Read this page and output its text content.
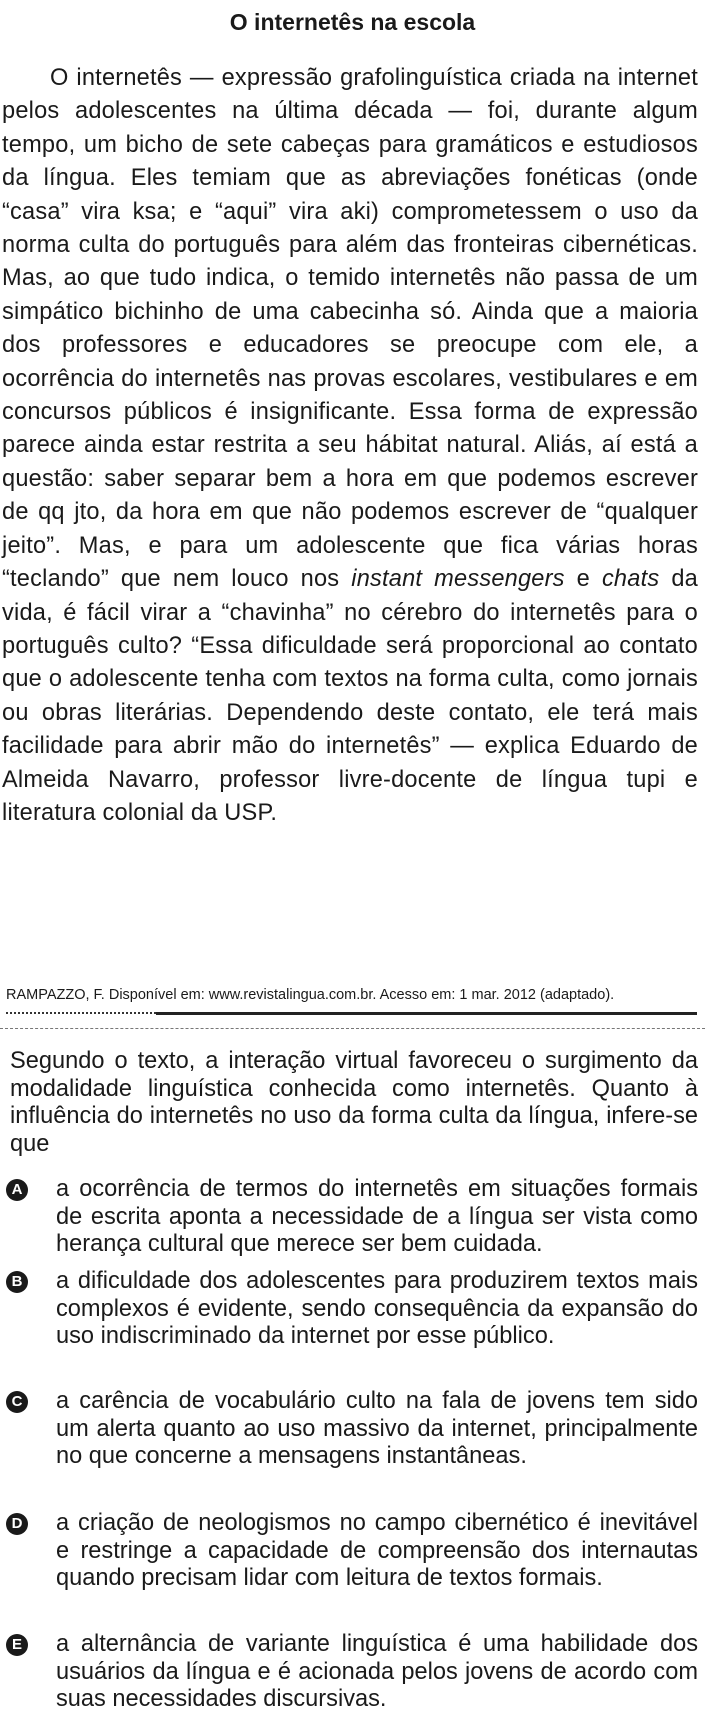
O internetês na escola

O internetês — expressão grafolinguística criada na internet pelos adolescentes na última década — foi, durante algum tempo, um bicho de sete cabeças para gramáticos e estudiosos da língua. Eles temiam que as abreviações fonéticas (onde “casa” vira ksa; e “aqui” vira aki) comprometessem o uso da norma culta do português para além das fronteiras cibernéticas. Mas, ao que tudo indica, o temido internetês não passa de um simpático bichinho de uma cabecinha só. Ainda que a maioria dos professores e educadores se preocupe com ele, a ocorrência do internetês nas provas escolares, vestibulares e em concursos públicos é insignificante. Essa forma de expressão parece ainda estar restrita a seu hábitat natural. Aliás, aí está a questão: saber separar bem a hora em que podemos escrever de qq jto, da hora em que não podemos escrever de “qualquer jeito”. Mas, e para um adolescente que fica várias horas “teclando” que nem louco nos instant messengers e chats da vida, é fácil virar a “chavinha” no cérebro do internetês para o português culto? “Essa dificuldade será proporcional ao contato que o adolescente tenha com textos na forma culta, como jornais ou obras literárias. Dependendo deste contato, ele terá mais facilidade para abrir mão do internetês” — explica Eduardo de Almeida Navarro, professor livre-docente de língua tupi e literatura colonial da USP.

RAMPAZZO, F. Disponível em: www.revistalingua.com.br. Acesso em: 1 mar. 2012 (adaptado).

Segundo o texto, a interação virtual favoreceu o surgimento da modalidade linguística conhecida como internetês. Quanto à influência do internetês no uso da forma culta da língua, infere-se que

A a ocorrência de termos do internetês em situações formais de escrita aponta a necessidade de a língua ser vista como herança cultural que merece ser bem cuidada.

B a dificuldade dos adolescentes para produzirem textos mais complexos é evidente, sendo consequência da expansão do uso indiscriminado da internet por esse público.

C a carência de vocabulário culto na fala de jovens tem sido um alerta quanto ao uso massivo da internet, principalmente no que concerne a mensagens instantâneas.

D a criação de neologismos no campo cibernético é inevitável e restringe a capacidade de compreensão dos internautas quando precisam lidar com leitura de textos formais.

E a alternância de variante linguística é uma habilidade dos usuários da língua e é acionada pelos jovens de acordo com suas necessidades discursivas.
